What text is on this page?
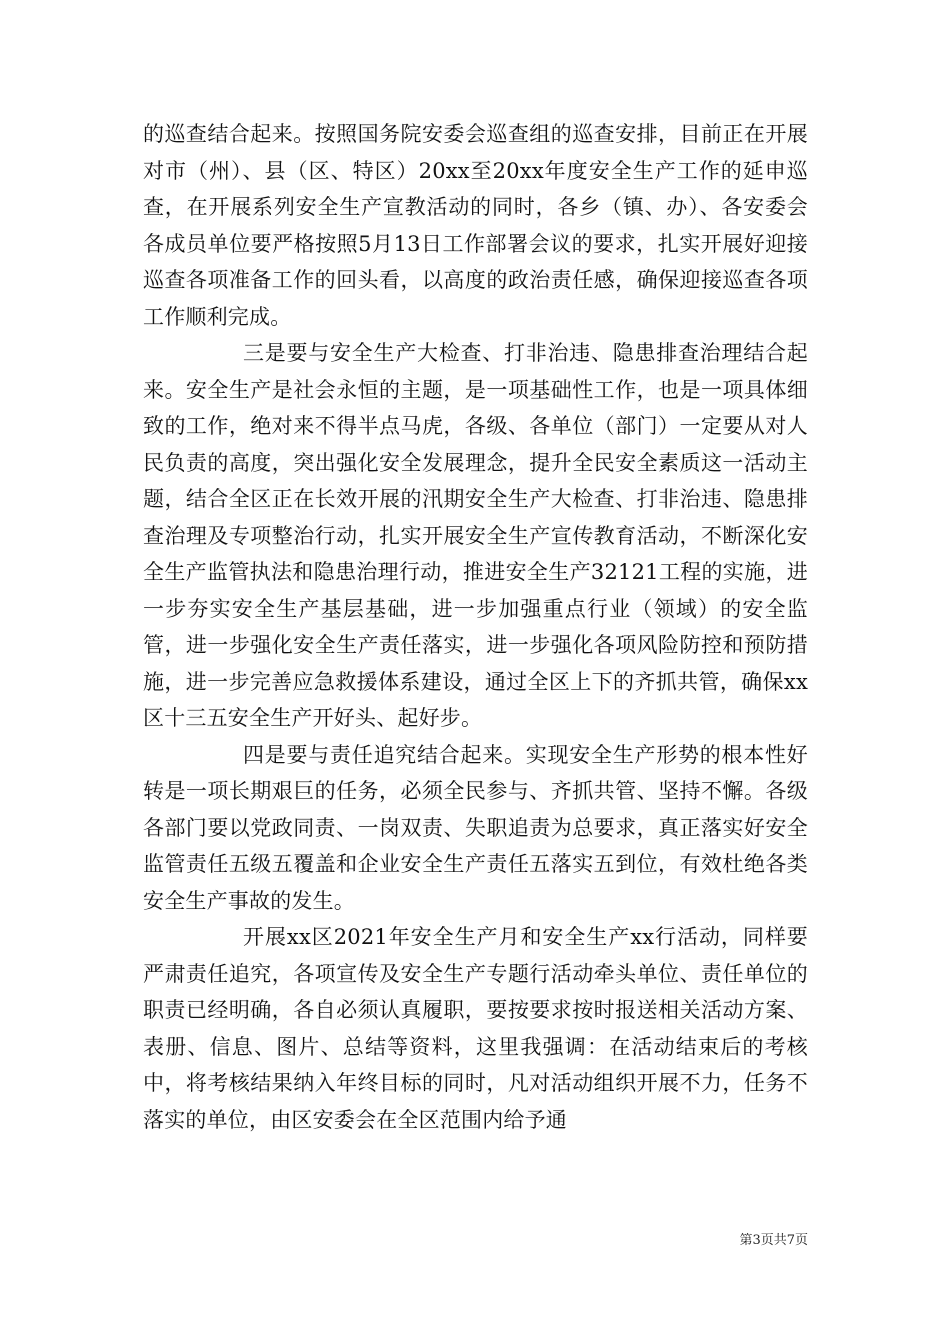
的巡查结合起来。按照国务院安委会巡查组的巡查安排，目前正在开展对市（州）、县（区、特区）20xx至20xx年度安全生产工作的延申巡查，在开展系列安全生产宣教活动的同时，各乡（镇、办）、各安委会各成员单位要严格按照5月13日工作部署会议的要求，扎实开展好迎接巡查各项准备工作的回头看，以高度的政治责任感，确保迎接巡查各项工作顺利完成。

三是要与安全生产大检查、打非治违、隐患排查治理结合起来。安全生产是社会永恒的主题，是一项基础性工作，也是一项具体细致的工作，绝对来不得半点马虎，各级、各单位（部门）一定要从对人民负责的高度，突出强化安全发展理念，提升全民安全素质这一活动主题，结合全区正在长效开展的汛期安全生产大检查、打非治违、隐患排查治理及专项整治行动，扎实开展安全生产宣传教育活动，不断深化安全生产监管执法和隐患治理行动，推进安全生产32121工程的实施，进一步夯实安全生产基层基础，进一步加强重点行业（领域）的安全监管，进一步强化安全生产责任落实，进一步强化各项风险防控和预防措施，进一步完善应急救援体系建设，通过全区上下的齐抓共管，确保xx区十三五安全生产开好头、起好步。

四是要与责任追究结合起来。实现安全生产形势的根本性好转是一项长期艰巨的任务，必须全民参与、齐抓共管、坚持不懈。各级各部门要以党政同责、一岗双责、失职追责为总要求，真正落实好安全监管责任五级五覆盖和企业安全生产责任五落实五到位，有效杜绝各类安全生产事故的发生。

开展xx区2021年安全生产月和安全生产xx行活动，同样要严肃责任追究，各项宣传及安全生产专题行活动牵头单位、责任单位的职责已经明确，各自必须认真履职，要按要求按时报送相关活动方案、表册、信息、图片、总结等资料，这里我强调：在活动结束后的考核中，将考核结果纳入年终目标的同时，凡对活动组织开展不力，任务不落实的单位，由区安委会在全区范围内给予通

第3页共7页
